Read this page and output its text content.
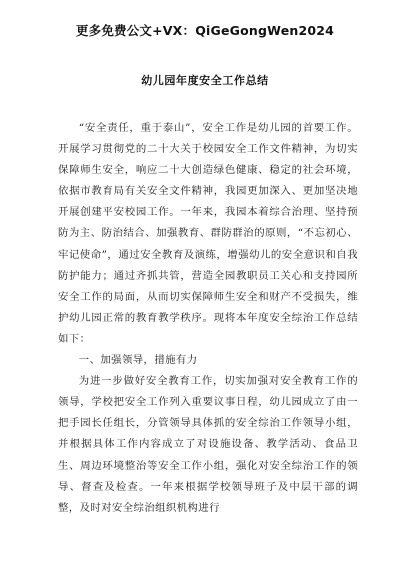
更多免费公文+VX：QiGeGongWen2024
幼儿园年度安全工作总结

“安全责任，重于泰山”，安全工作是幼儿园的首要工作。开展学习贯彻党的二十大关于校园安全工作文件精神，为切实保障师生安全，响应二十大创造绿色健康、稳定的社会环境，依据市教育局有关安全文件精神，我园更加深入、更加坚决地开展创建平安校园工作。一年来，我园本着综合治理、坚持预防为主、防治结合、加强教育、群防群治的原则，“不忘初心、牢记使命”，通过安全教育及演练，增强幼儿的安全意识和自我防护能力；通过齐抓共管，营造全园教职员工关心和支持园所安全工作的局面，从而切实保障师生安全和财产不受损失，维护幼儿园正常的教育教学秩序。现将本年度安全综治工作总结如下：

一、加强领导，措施有力

为进一步做好安全教育工作，切实加强对安全教育工作的领导，学校把安全工作列入重要议事日程，幼儿园成立了由一把手园长任组长，分管领导具体抓的安全综治工作领导小组，并根据具体工作内容成立了对设施设备、教学活动、食品卫生、周边环境整治等安全工作小组，强化对安全综治工作的领导、督查及检查。一年来根据学校领导班子及中层干部的调整，及时对安全综治组织机构进行
